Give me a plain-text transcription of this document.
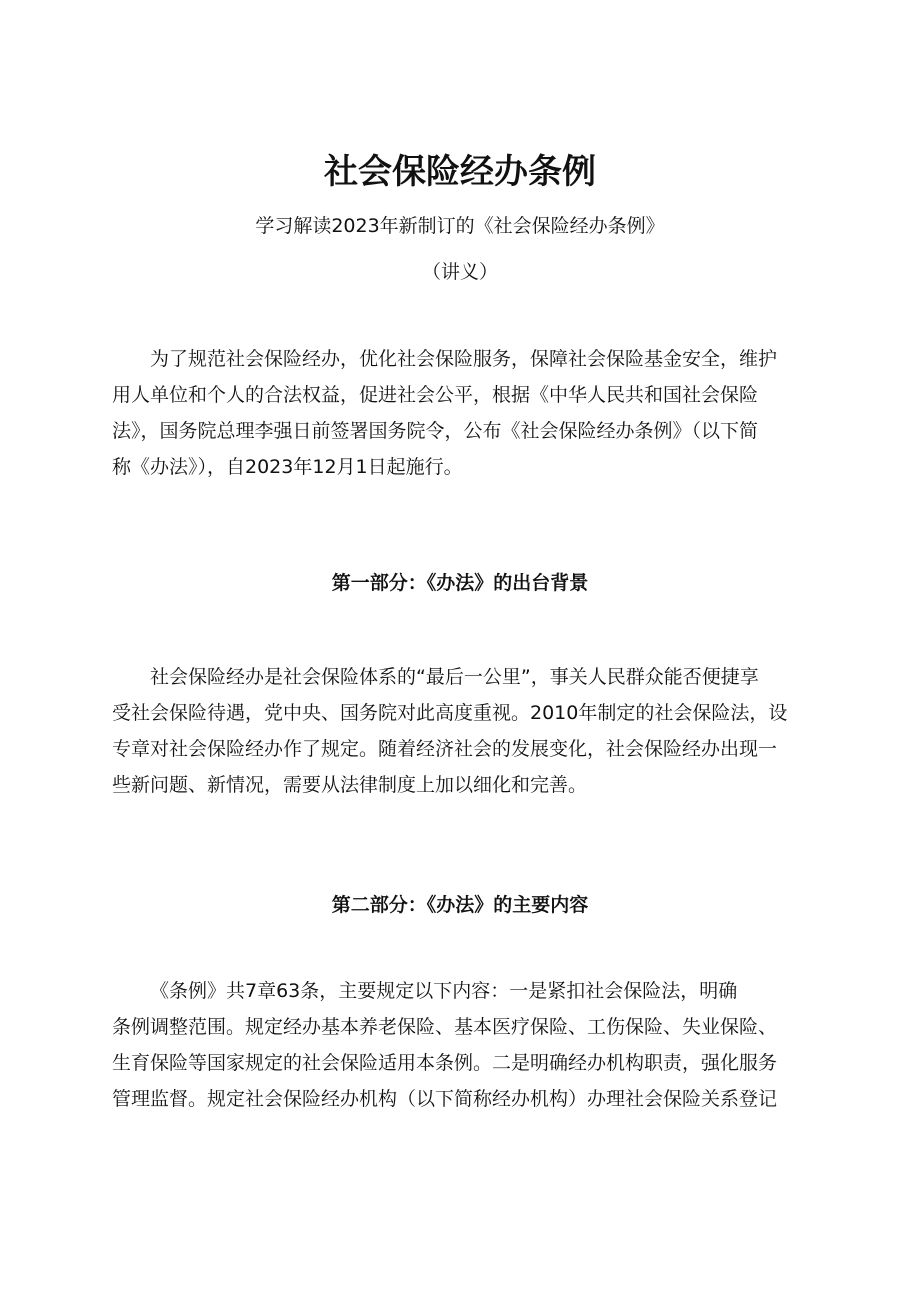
社会保险经办条例
学习解读2023年新制订的《社会保险经办条例》
（讲义）

为了规范社会保险经办，优化社会保险服务，保障社会保险基金安全，维护
用人单位和个人的合法权益，促进社会公平，根据《中华人民共和国社会保险
法》，国务院总理李强日前签署国务院令，公布《社会保险经办条例》（以下简
称《办法》），自2023年12月1日起施行。

第一部分：《办法》的出台背景

社会保险经办是社会保险体系的“最后一公里”，事关人民群众能否便捷享
受社会保险待遇，党中央、国务院对此高度重视。2010年制定的社会保险法，设
专章对社会保险经办作了规定。随着经济社会的发展变化，社会保险经办出现一
些新问题、新情况，需要从法律制度上加以细化和完善。

第二部分：《办法》的主要内容

《条例》共7章63条，主要规定以下内容：一是紧扣社会保险法，明确
条例调整范围。规定经办基本养老保险、基本医疗保险、工伤保险、失业保险、
生育保险等国家规定的社会保险适用本条例。二是明确经办机构职责，强化服务
管理监督。规定社会保险经办机构（以下简称经办机构）办理社会保险关系登记
